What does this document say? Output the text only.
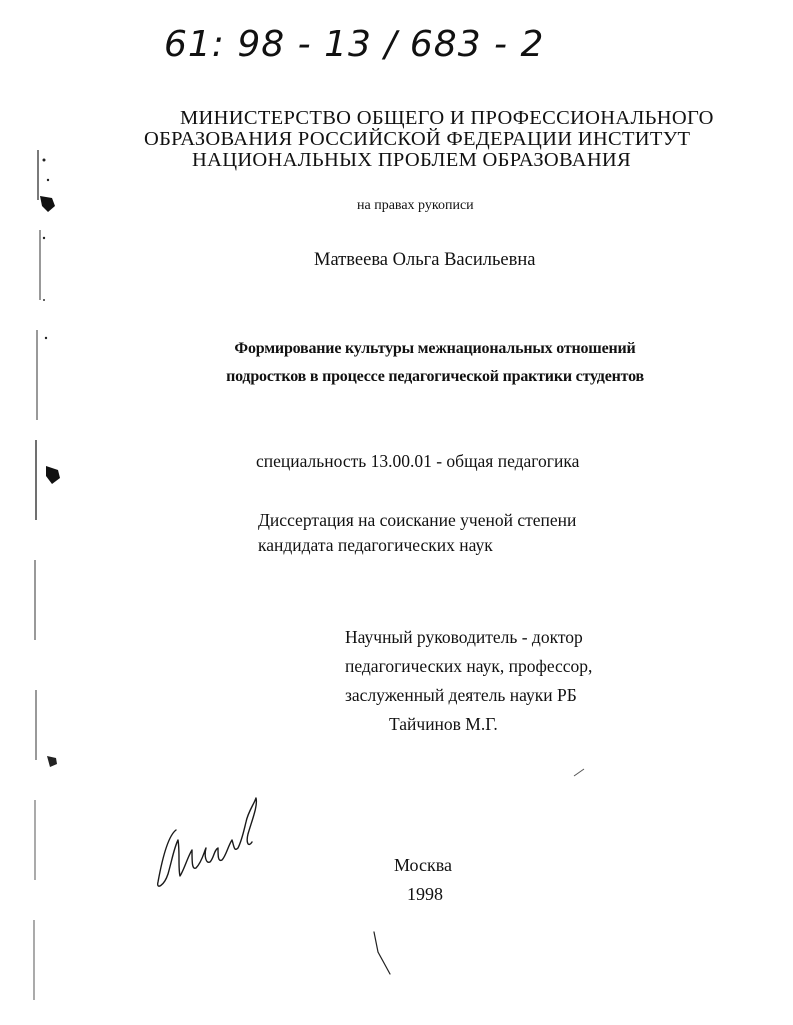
61: 98 - 13 / 683 - 2
МИНИСТЕРСТВО ОБЩЕГО И ПРОФЕССИОНАЛЬНОГО
ОБРАЗОВАНИЯ РОССИЙСКОЙ ФЕДЕРАЦИИ ИНСТИТУТ
НАЦИОНАЛЬНЫХ ПРОБЛЕМ ОБРАЗОВАНИЯ
на правах рукописи
Матвеева Ольга Васильевна
Формирование культуры межнациональных отношений
подростков в процессе педагогической практики студентов
специальность 13.00.01 - общая педагогика
Диссертация на соискание ученой степени
кандидата педагогических наук
Научный руководитель - доктор
педагогических наук, профессор,
заслуженный деятель науки РБ
Тайчинов М.Г.
Москва
1998
